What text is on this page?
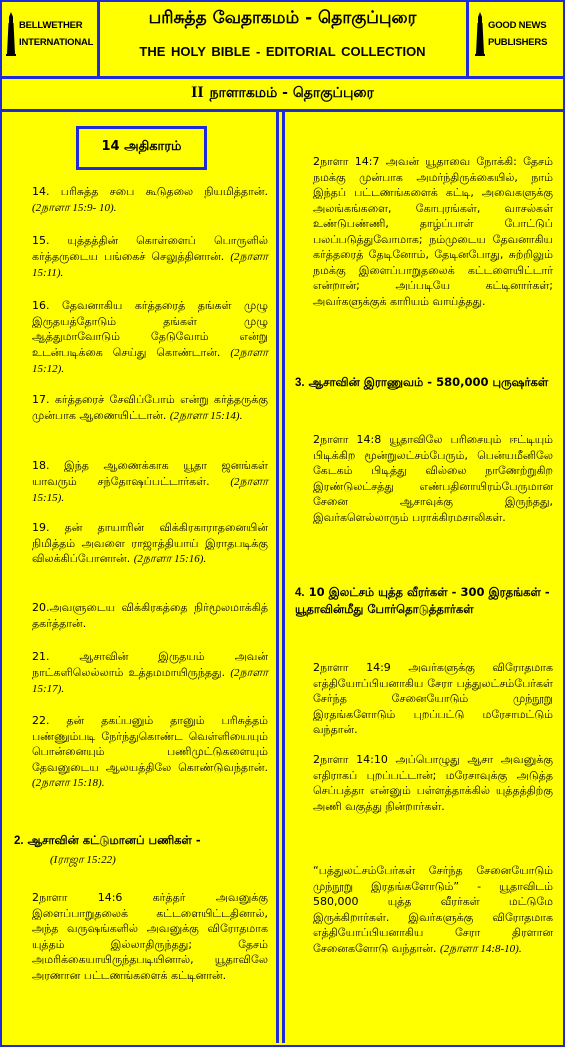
BELLWETHER
INTERNATIONAL
பரிசுத்த வேதாகமம் - தொகுப்புரை
THE HOLY BIBLE - EDITORIAL COLLECTION
GOOD NEWS
PUBLISHERS
II நாளாகமம் - தொகுப்புரை
14 அதிகாரம்
14. பரிசுத்த சபை கூடுதலை நியமித்தான். (2நாளா 15:9- 10).
15. யுத்தத்தின் கொள்ளைப் பொருளில் கர்த்தருடைய பங்கைச் செலுத்தினான். (2நாளா 15:11).
16. தேவனாகிய கர்த்தரைத் தங்கள் முழு இருதயத்தோடும் தங்கள் முழு ஆத்துமாவோடும் தேடுவோம் என்று உடன்படிக்கை செய்து கொண்டான். (2நாளா 15:12).
17. கர்த்தரைச் சேவிப்போம் என்று கர்த்தருக்கு முன்பாக ஆணையிட்டான். (2நாளா 15:14).
18. இந்த ஆணைக்காக யூதா ஜனங்கள் யாவரும் சந்தோஷப்பட்டார்கள். (2நாளா 15:15).
19. தன் தாயாரின் விக்கிரகாராதனையின் நிமித்தம் அவளை ராஜாத்தியாய் இராதபடிக்கு விலக்கிப்போனான். (2நாளா 15:16).
20.அவளுடைய விக்கிரகத்தை நிர்மூலமாக்கித் தகர்த்தான்.
21. ஆசாவின் இருதயம் அவன் நாட்களிலெல்லாம் உத்தமமாயிருந்தது. (2நாளா 15:17).
22. தன் தகப்பனும் தானும் பரிசுத்தம் பண்ணும்படி நேர்ந்துகொண்ட வெள்ளியையும் பொன்னையும் பணிமுட்டுகளையும் தேவனுடைய ஆலயத்திலே கொண்டுவந்தான். (2நாளா 15:18).
2. ஆசாவின் கட்டுமானப் பணிகள் -
(Iராஜா 15:22)
2நாளா 14:6 கர்த்தர் அவனுக்கு இளைப்பாறுதலைக் கட்டளையிட்டதினால், அந்த வருஷங்களில் அவனுக்கு விரோதமாக யுத்தம் இல்லாதிருந்தது; தேசம் அமரிக்கையாயிருந்தபடியினால், யூதாவிலே அரணான பட்டணங்களைக் கட்டினான்.
2நாளா 14:7 அவன் யூதாவை நோக்கி: தேசம் நமக்கு முன்பாக அமர்ந்திருக்கையில், நாம் இந்தப் பட்டணங்களைக் கட்டி, அவைகளுக்கு அலங்கங்களை, கோபுரங்கள், வாசல்கள் உண்டுபண்ணி, தாழ்ப்பாள் போட்டுப் பலப்படுத்துவோமாக; நம்முடைய தேவனாகிய கர்த்தரைத் தேடினோம், தேடினபோது, சுற்றிலும் நமக்கு இளைப்பாறுதலைக் கட்டளையிட்டார் என்றான்; அப்படியே கட்டினார்கள்; அவர்களுக்குக் காரியம் வாய்த்தது.
3. ஆசாவின் இராணுவம் - 580,000 புருஷர்கள்
2நாளா 14:8 யூதாவிலே பரிசையும் ஈட்டியும் பிடிக்கிற மூன்றுலட்சம்பேரும், பென்யமீனிலே கேடகம் பிடித்து வில்லை நாணேற்றுகிற இரண்டுலட்சத்து எண்பதினாயிரம்பேருமான சேனை ஆசாவுக்கு இருந்தது, இவர்களெல்லாரும் பராக்கிரமசாலிகள்.
4. 10 இலட்சம் யுத்த வீரர்கள் - 300 இரதங்கள் - யூதாவின்மீது போர்தொடுத்தார்கள்
2நாளா 14:9 அவர்களுக்கு விரோதமாக எத்தியோப்பியனாகிய சேரா பத்துலட்சம்பேர்கள் சேர்ந்த சேனையோடும் முந்நூறு இரதங்களோடும் புறப்பட்டு மரேசாமட்டும் வந்தான்.
2நாளா 14:10 அப்பொழுது ஆசா அவனுக்கு எதிராகப் புறப்பட்டான்; மரேசாவுக்கு அடுத்த செப்பத்தா என்னும் பள்ளத்தாக்கில் யுத்தத்திற்கு அணி வகுத்து நின்றார்கள்.
“பத்துலட்சம்பேர்கள் சேர்ந்த சேனையோடும் முந்நூறு இரதங்களோடும்” - யூதாவிடம் 580,000 யுத்த வீரர்கள் மட்டுமே இருக்கிறார்கள். இவர்களுக்கு விரோதமாக எத்தியோப்பியனாகிய சேரா திரளான சேனைகளோடு வந்தான். (2நாளா 14:8-10).
